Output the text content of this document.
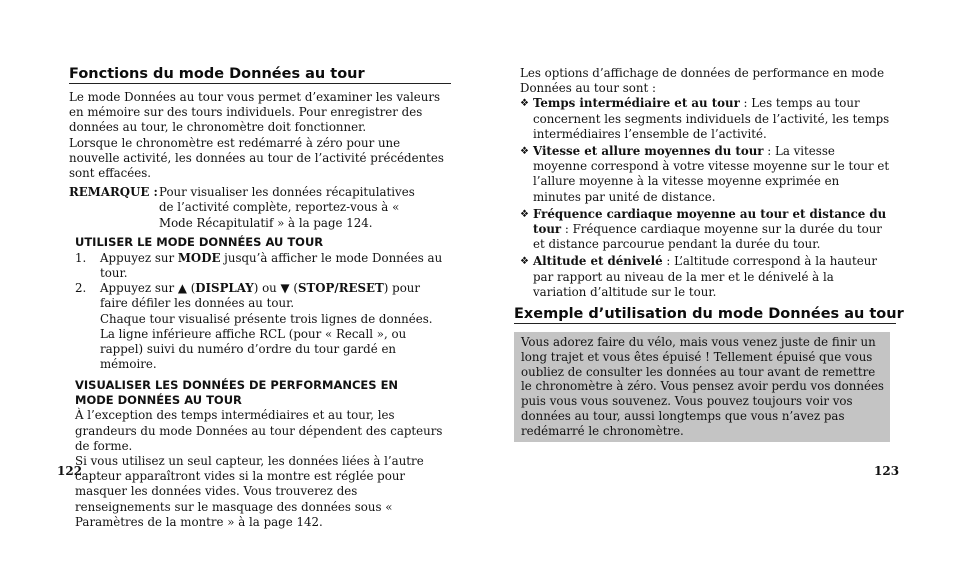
Fonctions du mode Données au tour

Le mode Données au tour vous permet d’examiner les valeurs en mémoire sur des tours individuels. Pour enregistrer des données au tour, le chronomètre doit fonctionner.

Lorsque le chronomètre est redémarré à zéro pour une nouvelle activité, les données au tour de l’activité précédentes sont effacées.

REMARQUE : Pour visualiser les données récapitulatives de l’activité complète, reportez-vous à « Mode Récapitulatif » à la page 124.
UTILISER LE MODE DONNÉES AU TOUR
1.	Appuyez sur MODE jusqu’à afficher le mode Données au tour.
2.	Appuyez sur ▲ (DISPLAY) ou ▼ (STOP/RESET) pour faire défiler les données au tour.
Chaque tour visualisé présente trois lignes de données.
La ligne inférieure affiche RCL (pour « Recall », ou rappel) suivi du numéro d’ordre du tour gardé en mémoire.
VISUALISER LES DONNÉES DE PERFORMANCES EN MODE DONNÉES AU TOUR

À l’exception des temps intermédiaires et au tour, les grandeurs du mode Données au tour dépendent des capteurs de forme.

Si vous utilisez un seul capteur, les données liées à l’autre capteur apparaîtront vides si la montre est réglée pour masquer les données vides. Vous trouverez des renseignements sur le masquage des données sous « Paramètres de la montre » à la page 142.

122

Les options d’affichage de données de performance en mode Données au tour sont :

❖ Temps intermédiaire et au tour : Les temps au tour concernent les segments individuels de l’activité, les temps intermédiaires l’ensemble de l’activité.
❖ Vitesse et allure moyennes du tour : La vitesse moyenne correspond à votre vitesse moyenne sur le tour et l’allure moyenne à la vitesse moyenne exprimée en minutes par unité de distance.
❖ Fréquence cardiaque moyenne au tour et distance du tour : Fréquence cardiaque moyenne sur la durée du tour et distance parcourue pendant la durée du tour.
❖ Altitude et dénivelé : L’altitude correspond à la hauteur par rapport au niveau de la mer et le dénivelé à la variation d’altitude sur le tour.
Exemple d’utilisation du mode Données au tour

Vous adorez faire du vélo, mais vous venez juste de finir un long trajet et vous êtes épuisé ! Tellement épuisé que vous oubliez de consulter les données au tour avant de remettre le chronomètre à zéro. Vous pensez avoir perdu vos données puis vous vous souvenez. Vous pouvez toujours voir vos données au tour, aussi longtemps que vous n’avez pas redémarré le chronomètre.

123
